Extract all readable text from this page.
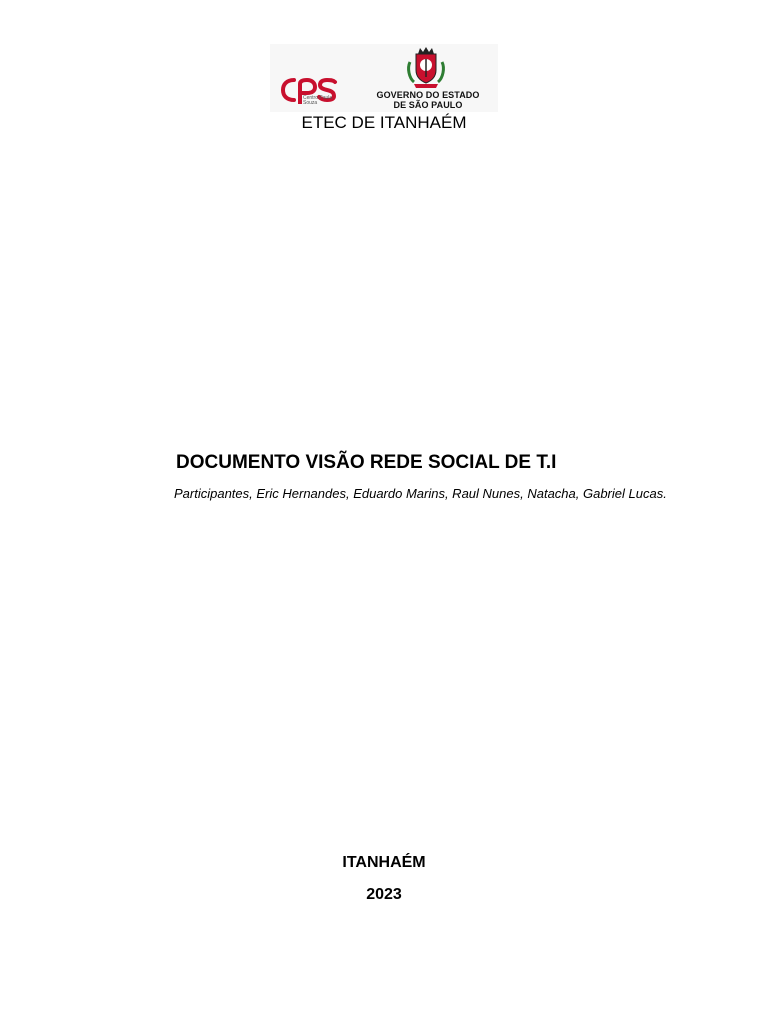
Centro Paula Souza
GOVERNO DO ESTADO
DE SÃO PAULO
ETEC DE ITANHAÉM
DOCUMENTO VISÃO REDE SOCIAL DE T.I
Participantes, Eric Hernandes, Eduardo Marins, Raul Nunes, Natacha, Gabriel Lucas.
ITANHAÉM
2023
